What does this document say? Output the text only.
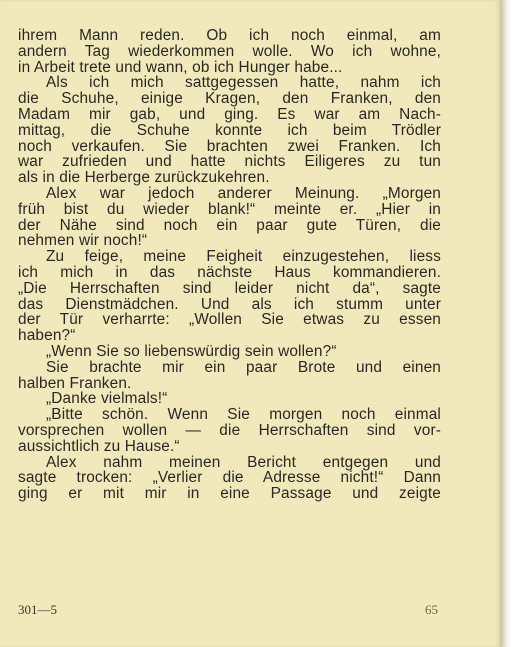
ihrem Mann reden. Ob ich noch einmal, am
andern Tag wiederkommen wolle. Wo ich wohne,
in Arbeit trete und wann, ob ich Hunger habe...
Als ich mich sattgegessen hatte, nahm ich
die Schuhe, einige Kragen, den Franken, den
Madam mir gab, und ging. Es war am Nach-
mittag, die Schuhe konnte ich beim Trödler
noch verkaufen. Sie brachten zwei Franken. Ich
war zufrieden und hatte nichts Eiligeres zu tun
als in die Herberge zurückzukehren.
Alex war jedoch anderer Meinung. „Morgen
früh bist du wieder blank!“ meinte er. „Hier in
der Nähe sind noch ein paar gute Türen, die
nehmen wir noch!“
Zu feige, meine Feigheit einzugestehen, liess
ich mich in das nächste Haus kommandieren.
„Die Herrschaften sind leider nicht da“, sagte
das Dienstmädchen. Und als ich stumm unter
der Tür verharrte: „Wollen Sie etwas zu essen
haben?“
„Wenn Sie so liebenswürdig sein wollen?“
Sie brachte mir ein paar Brote und einen
halben Franken.
„Danke vielmals!“
„Bitte schön. Wenn Sie morgen noch einmal
vorsprechen wollen — die Herrschaften sind vor-
aussichtlich zu Hause.“
Alex nahm meinen Bericht entgegen und
sagte trocken: „Verlier die Adresse nicht!“ Dann
ging er mit mir in eine Passage und zeigte
301—5	65
